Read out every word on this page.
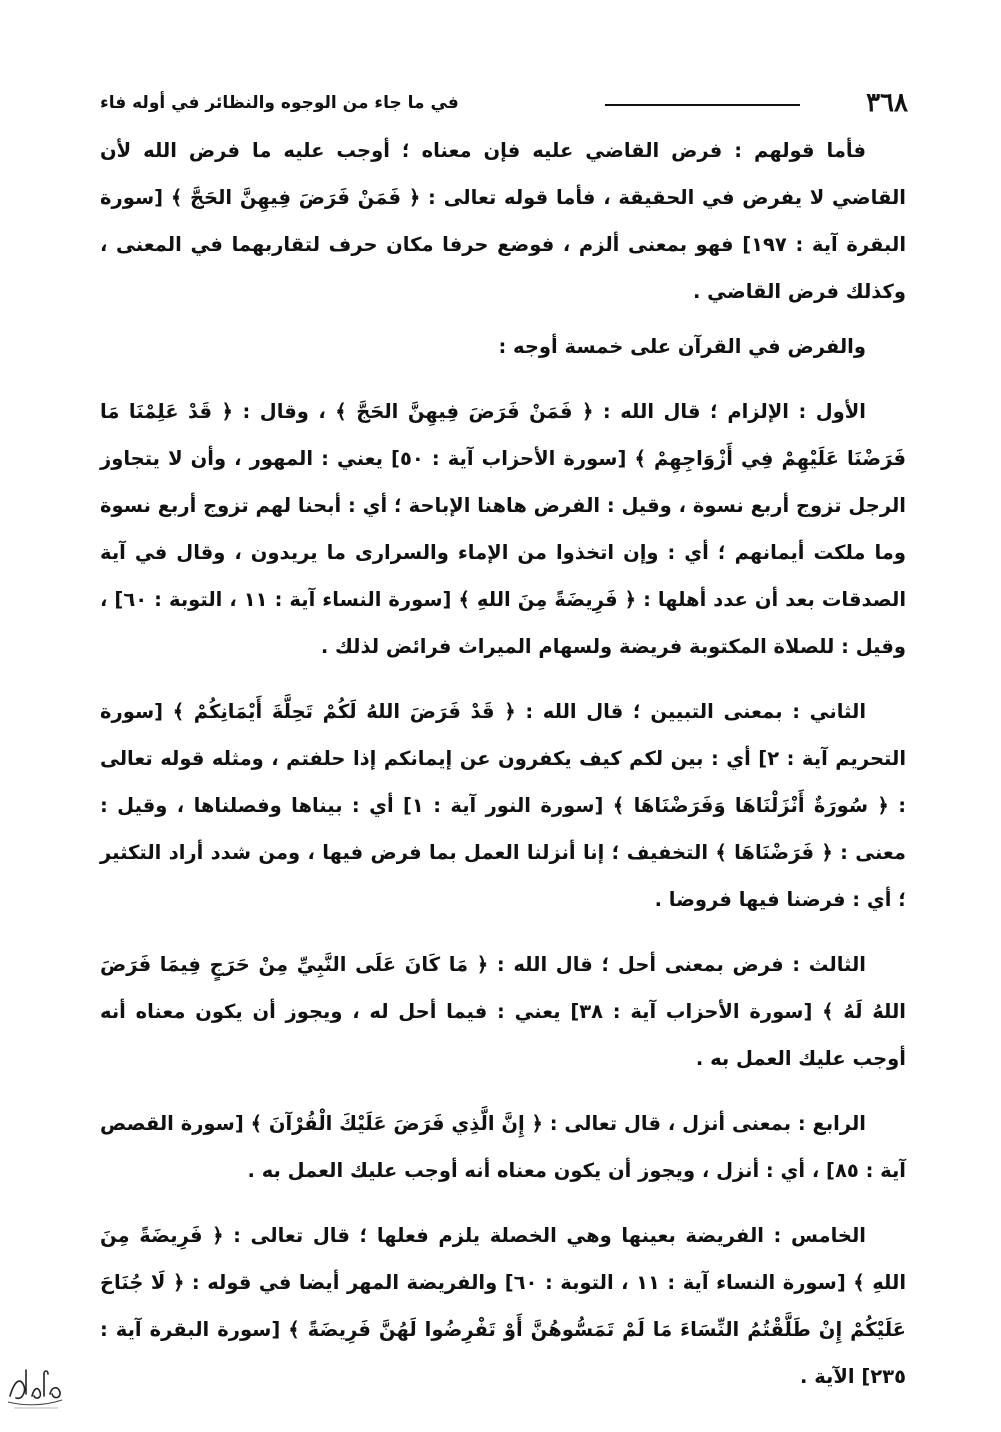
٣٦٨
في ما جاء من الوجوه والنظائر في أوله فاء

فأما قولهم : فرض القاضي عليه فإن معناه ؛ أوجب عليه ما فرض الله لأن القاضي لا يفرض في الحقيقة ، فأما قوله تعالى : ﴿ فَمَنْ فَرَضَ فِيهِنَّ الحَجَّ ﴾ [سورة البقرة آية : ١٩٧] فهو بمعنى ألزم ، فوضع حرفا مكان حرف لتقاربهما في المعنى ، وكذلك فرض القاضي .

والفرض في القرآن على خمسة أوجه :

الأول : الإلزام ؛ قال الله : ﴿ فَمَنْ فَرَضَ فِيهِنَّ الحَجَّ ﴾ ، وقال : ﴿ قَدْ عَلِمْنَا مَا فَرَضْنَا عَلَيْهِمْ فِي أَزْوَاجِهِمْ ﴾ [سورة الأحزاب آية : ٥٠] يعني : المهور ، وأن لا يتجاوز الرجل تزوج أربع نسوة ، وقيل : الفرض هاهنا الإباحة ؛ أي : أبحنا لهم تزوج أربع نسوة وما ملكت أيمانهم ؛ أي : وإن اتخذوا من الإماء والسرارى ما يريدون ، وقال في آية الصدقات بعد أن عدد أهلها : ﴿ فَرِيضَةً مِنَ اللهِ ﴾ [سورة النساء آية : ١١ ، التوبة : ٦٠] ، وقيل : للصلاة المكتوبة فريضة ولسهام الميراث فرائض لذلك .

الثاني : بمعنى التبيين ؛ قال الله : ﴿ قَدْ فَرَضَ اللهُ لَكُمْ تَحِلَّةَ أَيْمَانِكُمْ ﴾ [سورة التحريم آية : ٢] أي : بين لكم كيف يكفرون عن إيمانكم إذا حلفتم ، ومثله قوله تعالى : ﴿ سُورَةٌ أَنْزَلْنَاهَا وَفَرَضْنَاهَا ﴾ [سورة النور آية : ١] أي : بيناها وفصلناها ، وقيل : معنى : ﴿ فَرَضْنَاهَا ﴾ التخفيف ؛ إنا أنزلنا العمل بما فرض فيها ، ومن شدد أراد التكثير ؛ أي : فرضنا فيها فروضا .

الثالث : فرض بمعنى أحل ؛ قال الله : ﴿ مَا كَانَ عَلَى النَّبِيِّ مِنْ حَرَجٍ فِيمَا فَرَضَ اللهُ لَهُ ﴾ [سورة الأحزاب آية : ٣٨] يعني : فيما أحل له ، ويجوز أن يكون معناه أنه أوجب عليك العمل به .

الرابع : بمعنى أنزل ، قال تعالى : ﴿ إِنَّ الَّذِي فَرَضَ عَلَيْكَ الْقُرْآنَ ﴾ [سورة القصص آية : ٨٥] ، أي : أنزل ، ويجوز أن يكون معناه أنه أوجب عليك العمل به .

الخامس : الفريضة بعينها وهي الخصلة يلزم فعلها ؛ قال تعالى : ﴿ فَرِيضَةً مِنَ اللهِ ﴾ [سورة النساء آية : ١١ ، التوبة : ٦٠] والفريضة المهر أيضا في قوله : ﴿ لَا جُنَاحَ عَلَيْكُمْ إِنْ طَلَّقْتُمُ النِّسَاءَ مَا لَمْ تَمَسُّوهُنَّ أَوْ تَفْرِضُوا لَهُنَّ فَرِيضَةً ﴾ [سورة البقرة آية : ٢٣٥] الآية .
